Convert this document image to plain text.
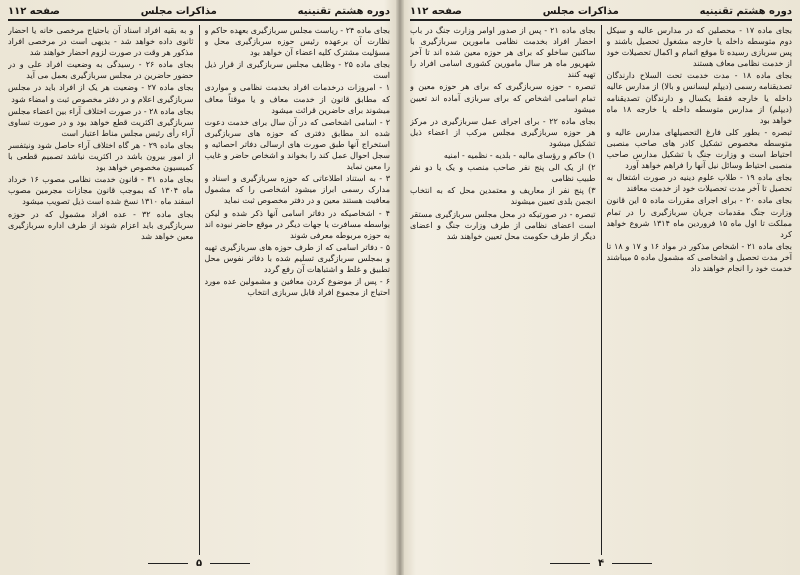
دوره هشتم تقنینیه
مذاکرات مجلس
صفحه ۱۱۲

بجای ماده ۲۴ - ریاست مجلس سربازگیری بعهده حاکم و نظارت آن برعهده رئیس حوزه سربازگیری محل و مسؤلیت مشترک کلیه اعضاء آن خواهد بود

بجای ماده ۲۵ - وظایف مجلس سربازگیری از قرار ذیل است

۱ - امروزات درخدمات افراد بخدمت نظامی و مواردی که مطابق قانون از خدمت معاف و یا موقتاً معاف میشوند برای حاضرین قرائت میشود

۲ - اسامی اشخاصی که در آن سال برای خدمت دعوت شده اند مطابق دفتری که حوزه های سربازگیری استخراج آنها طبق صورت های ارسالی دفاتر احصائیه و سجل احوال عمل کند را بخواند و اشخاص حاضر و غایب را معین نماید

۳ - به استناد اطلاعاتی که حوزه سربازگیری و اسناد و مدارک رسمی ابراز میشود اشخاصی را که مشمول معافیت هستند معین و در دفتر مخصوص ثبت نماید

۴ - اشخاصیکه در دفاتر اسامی آنها ذکر شده و لیکن بواسطه مسافرت یا جهات دیگر در موقع حاضر نبوده اند به حوزه مربوطه معرفی شوند

۵ - دفاتر اسامی که از طرف حوزه های سربازگیری تهیه و بمجلس سربازگیری تسلیم شده با دفاتر نفوس محل تطبیق و غلط و اشتباهات آن رفع گردد

۶ - پس از موضوع کردن معافین و مشمولین عده مورد احتیاج از مجموع افراد قابل سربازی انتخاب

و به بقیه افراد اسناد آن باحتیاج مرخصی خانه یا احضار ثانوی داده خواهد شد - بدیهی است در مرخصی افراد مذکور هر وقت در صورت لزوم احضار خواهند شد

بجای ماده ۲۶ - رسیدگی به وضعیت افراد علی و در حضور حاضرین در مجلس سربازگیری بعمل می آید

بجای ماده ۲۷ - وضعیت هر یک از افراد باید در مجلس سربازگیری اعلام و در دفتر مخصوص ثبت و امضاء شود

بجای ماده ۲۸ - در صورت اختلاف آراء بین اعضاء مجلس سربازگیری اکثریت قطع خواهد بود و در صورت تساوی آراء رأی رئیس مجلس مناط اعتبار است

بجای ماده ۲۹ - هر گاه اختلاف آراء حاصل شود ونیتفسر از امور بیرون باشد در اکثریت نباشد تصمیم قطعی با کمیسیون مخصوص خواهد بود

بجای ماده ۳۱ - قانون خدمت نظامی مصوب ۱۶ خرداد ماه ۱۳۰۴ که بموجب قانون مجازات مجرمین مصوب اسفند ماه ۱۳۱۰ نسخ شده است ذیل تصویب میشود

بجای ماده ۳۲ - عده افراد مشمول که در حوزه سربازگیری باید اعزام شوند از طرف اداره سربازگیری معین خواهد شد

۵
دوره هشتم تقنینیه
مذاکرات مجلس
صفحه ۱۱۲

بجای ماده ۱۷ - محصلین که در مدارس عالیه و سیکل دوم متوسطه داخله یا خارجه مشغول تحصیل باشند و پس سربازی رسیده تا موقع اتمام و اکمال تحصیلات خود از خدمت نظامی معاف هستند

بجای ماده ۱۸ - مدت خدمت تحت السلاح دارندگان تصدیقنامه رسمی (دیپلم لیسانس و بالا) از مدارس عالیه داخله یا خارجه فقط یکسال و دارندگان تصدیقنامه (دیپلم) از مدارس متوسطه داخله یا خارجه ۱۸ ماه خواهد بود

تبصره - بطور کلی فارغ التحصیلهای مدارس عالیه و متوسطه مخصوص تشکیل کادر های صاحب منصبی احتیاط است و وزارت جنگ با تشکیل مدارس صاحب منصبی احتیاط وسائل نیل آنها را فراهم خواهد آورد

بجای ماده ۱۹ - طلاب علوم دینیه در صورت اشتغال به تحصیل تا آخر مدت تحصیلات خود از خدمت معافند

بجای ماده ۲۰ - برای اجرای مقررات ماده ۵ این قانون وزارت جنگ مقدمات جریان سربازگیری را در تمام مملکت تا اول ماه ۱۵ فروردین ماه ۱۳۱۴ شروع خواهد کرد

بجای ماده ۲۱ - اشخاص مذکور در مواد ۱۶ و ۱۷ و ۱۸ تا آخر مدت تحصیل و اشخاصی که مشمول ماده ۵ میباشند خدمت خود را انجام خواهند داد

بجای ماده ۲۱ - پس از صدور اوامر وزارت جنگ در باب احضار افراد بخدمت نظامی مامورین سربازگیری با ساکنین ساخلو که برای هر حوزه معین شده اند تا آخر شهریور ماه هر سال مامورین کشوری اسامی افراد را تهیه کنند

تبصره - حوزه سربازگیری که برای هر حوزه معین و تمام اسامی اشخاص که برای سربازی آماده اند تعیین میشود

بجای ماده ۲۲ - برای اجرای عمل سربازگیری در مرکز هر حوزه سربازگیری مجلس مرکب از اعضاء ذیل تشکیل میشود

۱) حاکم و رؤسای مالیه - بلدیه - نظمیه - امنیه

۲) از یک الی پنج نفر صاحب منصب و یک یا دو نفر طبیب نظامی

۳) پنج نفر از معاریف و معتمدین محل که به انتخاب انجمن بلدی تعیین میشوند

تبصره - در صورتیکه در محل مجلس سربازگیری مستقر است اعضای نظامی از طرف وزارت جنگ و اعضای دیگر از طرف حکومت محل تعیین خواهند شد

۴
